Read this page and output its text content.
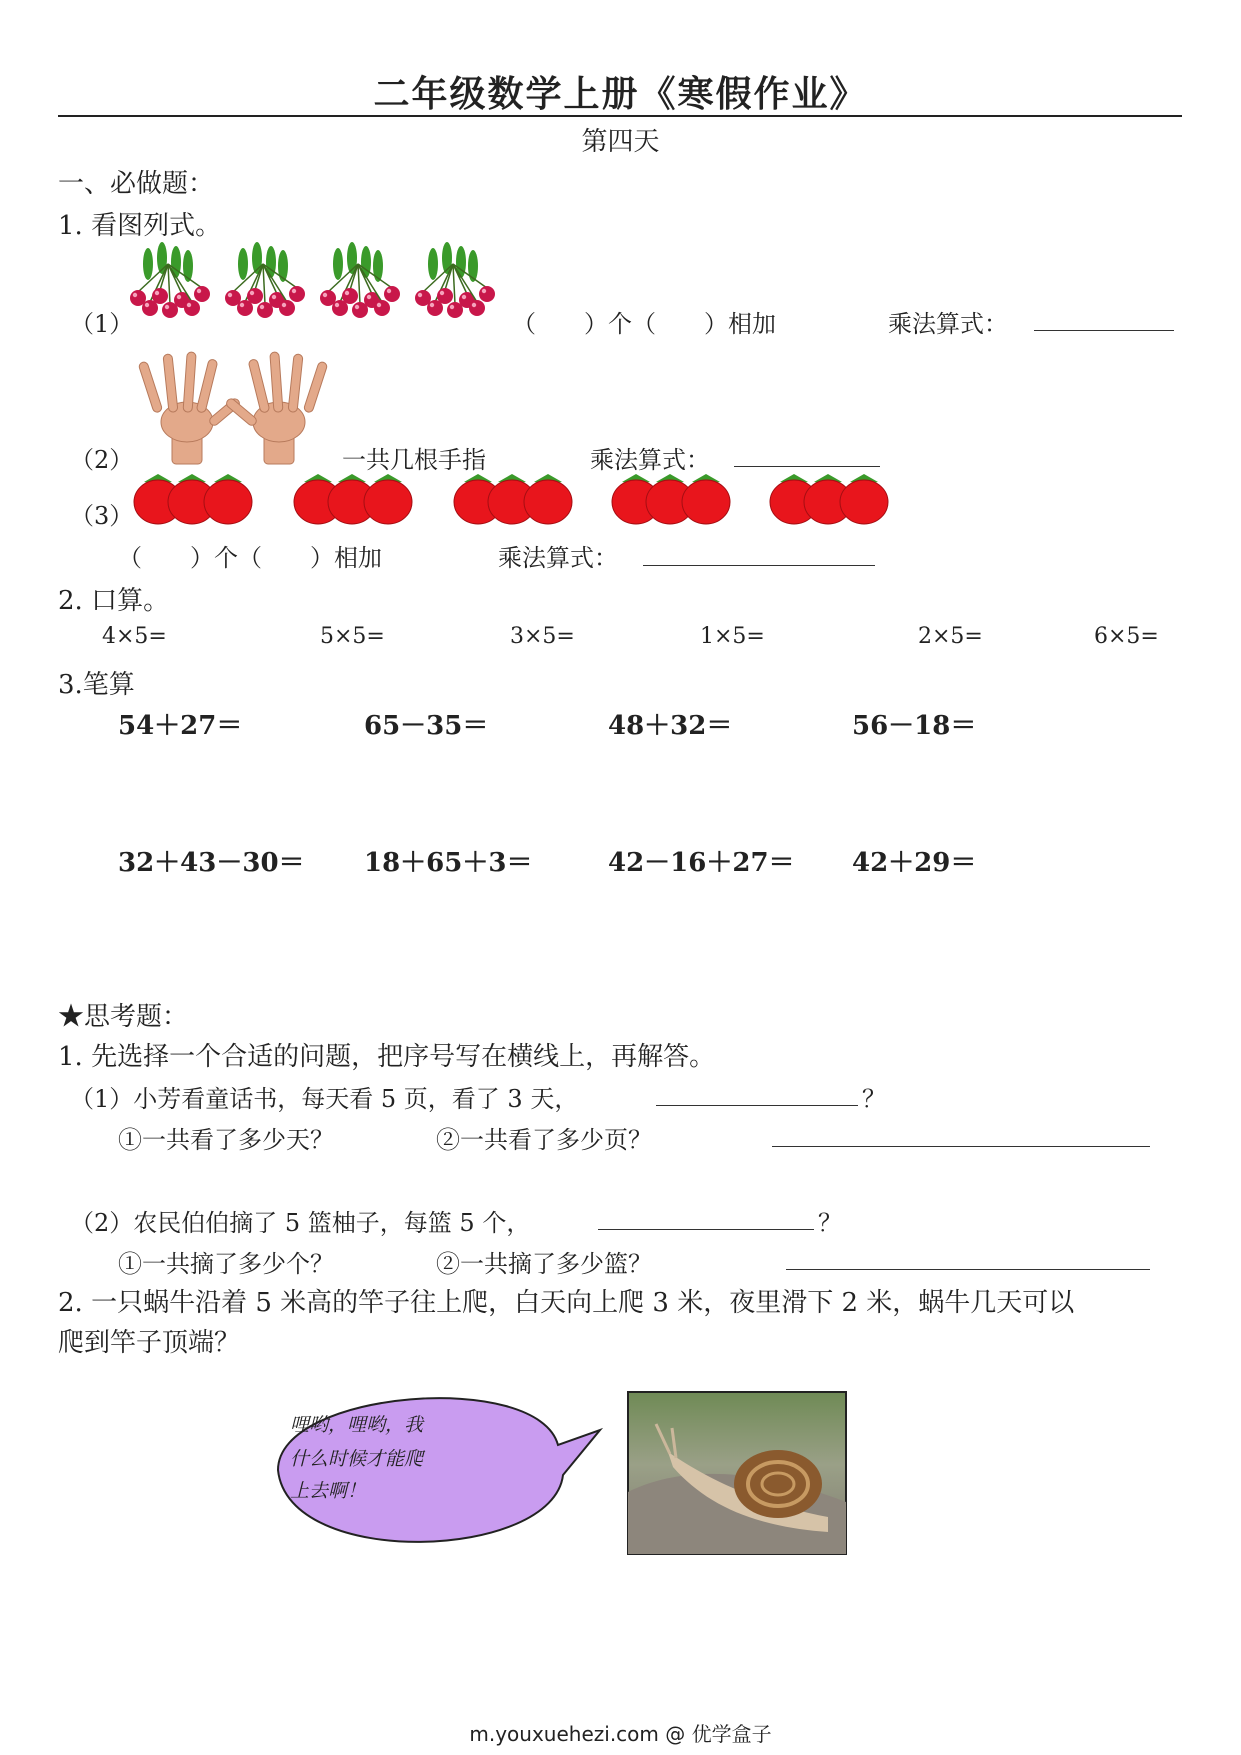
二年级数学上册《寒假作业》
第四天
一、必做题：
1. 看图列式。
（1）	（　　）个（　　）相加	乘法算式：
（2）	一共几根手指	乘法算式：
（3）
（　　）个（　　）相加	乘法算式：
2. 口算。
4×5=	5×5=	3×5=	1×5=	2×5=	6×5=
3.笔算
54＋27＝	65－35＝	48＋32＝	56－18＝
32＋43－30＝ 18＋65＋3＝	42－16＋27＝ 42＋29＝
★思考题：
1. 先选择一个合适的问题，把序号写在横线上，再解答。
（1）小芳看童话书，每天看 5 页，看了 3 天，	？
①一共看了多少天？	②一共看了多少页？
（2）农民伯伯摘了 5 篮柚子，每篮 5 个，	？
①一共摘了多少个？	②一共摘了多少篮？
2. 一只蜗牛沿着 5 米高的竿子往上爬，白天向上爬 3 米，夜里滑下 2 米，蜗牛几天可以
爬到竿子顶端？
哩哟，哩哟，我
什么时候才能爬
上去啊！
m.youxuehezi.com @ 优学盒子
